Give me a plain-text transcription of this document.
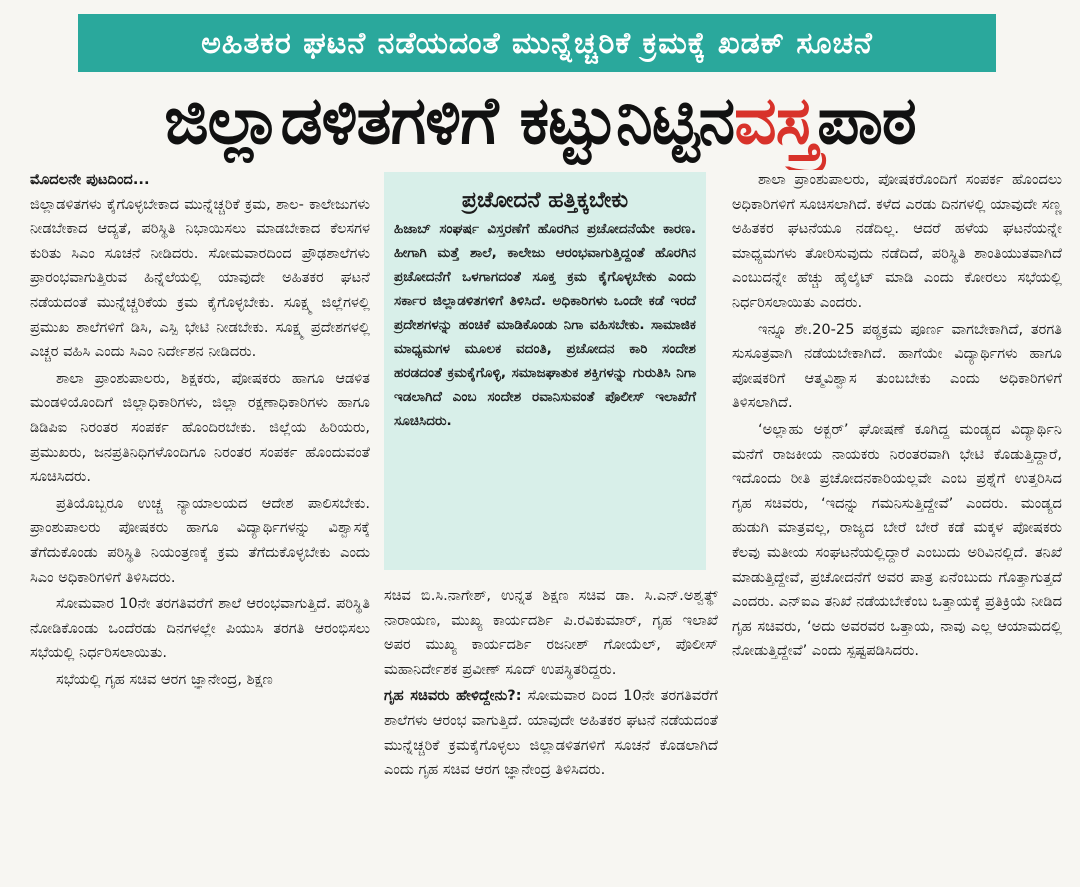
ಅಹಿತಕರ ಘಟನೆ ನಡೆಯದಂತೆ ಮುನ್ನೆಚ್ಚರಿಕೆ ಕ್ರಮಕ್ಕೆ ಖಡಕ್ ಸೂಚನೆ
ಜಿಲ್ಲಾಡಳಿತಗಳಿಗೆ ಕಟ್ಟುನಿಟ್ಟಿನ ವಸ್ತ್ರ ಪಾಠ

ಮೊದಲನೇ ಪುಟದಿಂದ...

ಜಿಲ್ಲಾಡಳಿತಗಳು ಕೈಗೊಳ್ಳಬೇಕಾದ ಮುನ್ನೆಚ್ಚರಿಕೆ ಕ್ರಮ, ಶಾಲ- ಕಾಲೇಜುಗಳು ನೀಡಬೇಕಾದ ಆದ್ಯತೆ, ಪರಿಸ್ಥಿತಿ ನಿಭಾಯಿಸಲು ಮಾಡಬೇಕಾದ ಕೆಲಸಗಳ ಕುರಿತು ಸಿಎಂ ಸೂಚನೆ ನೀಡಿದರು. ಸೋಮವಾರದಿಂದ ಪ್ರೌಢಶಾಲೆಗಳು ಪ್ರಾರಂಭವಾಗುತ್ತಿರುವ ಹಿನ್ನೆಲೆಯಲ್ಲಿ ಯಾವುದೇ ಅಹಿತಕರ ಘಟನೆ ನಡೆಯದಂತೆ ಮುನ್ನೆಚ್ಚರಿಕೆಯ ಕ್ರಮ ಕೈಗೊಳ್ಳಬೇಕು. ಸೂಕ್ಷ್ಮ ಜಿಲ್ಲೆಗಳಲ್ಲಿ ಪ್ರಮುಖ ಶಾಲೆಗಳಿಗೆ ಡಿಸಿ, ಎಸ್ಪಿ ಭೇಟಿ ನೀಡಬೇಕು. ಸೂಕ್ಷ್ಮ ಪ್ರದೇಶಗಳಲ್ಲಿ ಎಚ್ಚರ ವಹಿಸಿ ಎಂದು ಸಿಎಂ ನಿರ್ದೇಶನ ನೀಡಿದರು.

ಶಾಲಾ ಪ್ರಾಂಶುಪಾಲರು, ಶಿಕ್ಷಕರು, ಪೋಷಕರು ಹಾಗೂ ಆಡಳಿತ ಮಂಡಳಿಯೊಂದಿಗೆ ಜಿಲ್ಲಾಧಿಕಾರಿಗಳು, ಜಿಲ್ಲಾ ರಕ್ಷಣಾಧಿಕಾರಿಗಳು ಹಾಗೂ ಡಿಡಿಪಿಐ ನಿರಂತರ ಸಂಪರ್ಕ ಹೊಂದಿರಬೇಕು. ಜಿಲ್ಲೆಯ ಹಿರಿಯರು, ಪ್ರಮುಖರು, ಜನಪ್ರತಿನಿಧಿಗಳೊಂದಿಗೂ ನಿರಂತರ ಸಂಪರ್ಕ ಹೊಂದುವಂತೆ ಸೂಚಿಸಿದರು.

ಪ್ರತಿಯೊಬ್ಬರೂ ಉಚ್ಚ ನ್ಯಾಯಾಲಯದ ಆದೇಶ ಪಾಲಿಸಬೇಕು. ಪ್ರಾಂಶುಪಾಲರು ಪೋಷಕರು ಹಾಗೂ ವಿದ್ಯಾರ್ಥಿಗಳನ್ನು ವಿಶ್ವಾಸಕ್ಕೆ ತೆಗೆದುಕೊಂಡು ಪರಿಸ್ಥಿತಿ ನಿಯಂತ್ರಣಕ್ಕೆ ಕ್ರಮ ತೆಗೆದುಕೊಳ್ಳಬೇಕು ಎಂದು ಸಿಎಂ ಅಧಿಕಾರಿಗಳಿಗೆ ತಿಳಿಸಿದರು.

ಸೋಮವಾರ 10ನೇ ತರಗತಿವರೆಗೆ ಶಾಲೆ ಆರಂಭವಾಗುತ್ತಿದೆ. ಪರಿಸ್ಥಿತಿ ನೋಡಿಕೊಂಡು ಒಂದೆರಡು ದಿನಗಳಲ್ಲೇ ಪಿಯುಸಿ ತರಗತಿ ಆರಂಭಿಸಲು ಸಭೆಯಲ್ಲಿ ನಿರ್ಧರಿಸಲಾಯಿತು.

ಸಭೆಯಲ್ಲಿ ಗೃಹ ಸಚಿವ ಆರಗ ಜ್ಞಾನೇಂದ್ರ, ಶಿಕ್ಷಣ

ಪ್ರಚೋದನೆ ಹತ್ತಿಕ್ಕಬೇಕು
ಹಿಜಾಬ್ ಸಂಘರ್ಷ ವಿಸ್ತರಣೆಗೆ ಹೊರಗಿನ ಪ್ರಚೋದನೆಯೇ ಕಾರಣ. ಹೀಗಾಗಿ ಮತ್ತೆ ಶಾಲೆ, ಕಾಲೇಜು ಆರಂಭವಾಗುತ್ತಿದ್ದಂತೆ ಹೊರಗಿನ ಪ್ರಚೋದನೆಗೆ ಒಳಗಾಗದಂತೆ ಸೂಕ್ತ ಕ್ರಮ ಕೈಗೊಳ್ಳಬೇಕು ಎಂದು ಸರ್ಕಾರ ಜಿಲ್ಲಾಡಳಿತಗಳಿಗೆ ತಿಳಿಸಿದೆ. ಅಧಿಕಾರಿಗಳು ಒಂದೇ ಕಡೆ ಇರದೆ ಪ್ರದೇಶಗಳನ್ನು ಹಂಚಿಕೆ ಮಾಡಿಕೊಂಡು ನಿಗಾ ವಹಿಸಬೇಕು. ಸಾಮಾಜಿಕ ಮಾಧ್ಯಮಗಳ ಮೂಲಕ ವದಂತಿ, ಪ್ರಚೋದನ ಕಾರಿ ಸಂದೇಶ ಹರಡದಂತೆ ಕ್ರಮಕೈಗೊಳ್ಳಿ, ಸಮಾಜಘಾತುಕ ಶಕ್ತಿಗಳನ್ನು ಗುರುತಿಸಿ ನಿಗಾ ಇಡಲಾಗಿದೆ ಎಂಬ ಸಂದೇಶ ರವಾನಿಸುವಂತೆ ಪೊಲೀಸ್ ಇಲಾಖೆಗೆ ಸೂಚಿಸಿದರು.

ಸಚಿವ ಬಿ.ಸಿ.ನಾಗೇಶ್, ಉನ್ನತ ಶಿಕ್ಷಣ ಸಚಿವ ಡಾ. ಸಿ.ಎನ್.ಅಶ್ವತ್ಥ್ ನಾರಾಯಣ, ಮುಖ್ಯ ಕಾರ್ಯದರ್ಶಿ ಪಿ.ರವಿಕುಮಾರ್, ಗೃಹ ಇಲಾಖೆ ಅಪರ ಮುಖ್ಯ ಕಾರ್ಯದರ್ಶಿ ರಜನೀಶ್ ಗೋಯೆಲ್, ಪೊಲೀಸ್ ಮಹಾನಿರ್ದೇಶಕ ಪ್ರವೀಣ್ ಸೂದ್ ಉಪಸ್ಥಿತರಿದ್ದರು.

ಗೃಹ ಸಚಿವರು ಹೇಳಿದ್ದೇನು?: ಸೋಮವಾರ ದಿಂದ 10ನೇ ತರಗತಿವರೆಗೆ ಶಾಲೆಗಳು ಆರಂಭ ವಾಗುತ್ತಿದೆ. ಯಾವುದೇ ಅಹಿತಕರ ಘಟನೆ ನಡೆಯದಂತೆ ಮುನ್ನೆಚ್ಚರಿಕೆ ಕ್ರಮಕೈಗೊಳ್ಳಲು ಜಿಲ್ಲಾಡಳಿತಗಳಿಗೆ ಸೂಚನೆ ಕೊಡಲಾಗಿದೆ ಎಂದು ಗೃಹ ಸಚಿವ ಆರಗ ಜ್ಞಾನೇಂದ್ರ ತಿಳಿಸಿದರು.

ಶಾಲಾ ಪ್ರಾಂಶುಪಾಲರು, ಪೋಷಕರೊಂದಿಗೆ ಸಂಪರ್ಕ ಹೊಂದಲು ಅಧಿಕಾರಿಗಳಿಗೆ ಸೂಚಿಸಲಾಗಿದೆ. ಕಳೆದ ಎರಡು ದಿನಗಳಲ್ಲಿ ಯಾವುದೇ ಸಣ್ಣ ಅಹಿತಕರ ಘಟನೆಯೂ ನಡೆದಿಲ್ಲ. ಆದರೆ ಹಳೆಯ ಘಟನೆಯನ್ನೇ ಮಾಧ್ಯಮಗಳು ತೋರಿಸುವುದು ನಡೆದಿದೆ, ಪರಿಸ್ಥಿತಿ ಶಾಂತಿಯುತವಾಗಿದೆ ಎಂಬುದನ್ನೇ ಹೆಚ್ಚು ಹೈಲೈಟ್ ಮಾಡಿ ಎಂದು ಕೋರಲು ಸಭೆಯಲ್ಲಿ ನಿರ್ಧರಿಸಲಾಯಿತು ಎಂದರು.

ಇನ್ನೂ ಶೇ.20-25 ಪಠ್ಯಕ್ರಮ ಪೂರ್ಣ ವಾಗಬೇಕಾಗಿದೆ, ತರಗತಿ ಸುಸೂತ್ರವಾಗಿ ನಡೆಯಬೇಕಾಗಿದೆ. ಹಾಗೆಯೇ ವಿದ್ಯಾರ್ಥಿಗಳು ಹಾಗೂ ಪೋಷಕರಿಗೆ ಆತ್ಮವಿಶ್ವಾಸ ತುಂಬಬೇಕು ಎಂದು ಅಧಿಕಾರಿಗಳಿಗೆ ತಿಳಿಸಲಾಗಿದೆ.

‘ಅಲ್ಲಾಹು ಅಕ್ಬರ್’ ಘೋಷಣೆ ಕೂಗಿದ್ದ ಮಂಡ್ಯದ ವಿದ್ಯಾರ್ಥಿನಿ ಮನೆಗೆ ರಾಜಕೀಯ ನಾಯಕರು ನಿರಂತರವಾಗಿ ಭೇಟಿ ಕೊಡುತ್ತಿದ್ದಾರೆ, ಇದೊಂದು ರೀತಿ ಪ್ರಚೋದನಕಾರಿಯಲ್ಲವೇ ಎಂಬ ಪ್ರಶ್ನೆಗೆ ಉತ್ತರಿಸಿದ ಗೃಹ ಸಚಿವರು, ‘ಇದನ್ನು ಗಮನಿಸುತ್ತಿದ್ದೇವೆ’ ಎಂದರು. ಮಂಡ್ಯದ ಹುಡುಗಿ ಮಾತ್ರವಲ್ಲ, ರಾಜ್ಯದ ಬೇರೆ ಬೇರೆ ಕಡೆ ಮಕ್ಕಳ ಪೋಷಕರು ಕೆಲವು ಮತೀಯ ಸಂಘಟನೆಯಲ್ಲಿದ್ದಾರೆ ಎಂಬುದು ಅರಿವಿನಲ್ಲಿದೆ. ತನಿಖೆ ಮಾಡುತ್ತಿದ್ದೇವೆ, ಪ್ರಚೋದನೆಗೆ ಅವರ ಪಾತ್ರ ಏನೆಂಬುದು ಗೊತ್ತಾಗುತ್ತದೆ ಎಂದರು. ಎನ್ಐಎ ತನಿಖೆ ನಡೆಯಬೇಕೆಂಬ ಒತ್ತಾಯಕ್ಕೆ ಪ್ರತಿಕ್ರಿಯೆ ನೀಡಿದ ಗೃಹ ಸಚಿವರು, ‘ಅದು ಅವರವರ ಒತ್ತಾಯ, ನಾವು ಎಲ್ಲ ಆಯಾಮದಲ್ಲಿ ನೋಡುತ್ತಿದ್ದೇವೆ’ ಎಂದು ಸ್ಪಷ್ಟಪಡಿಸಿದರು.
